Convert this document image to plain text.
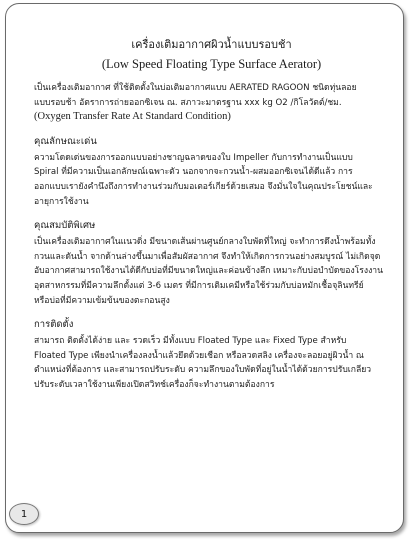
เครื่องเติมอากาศผิวน้ำแบบรอบช้า

(Low Speed Floating Type Surface Aerator)

เป็นเครื่องเติมอากาศ ที่ใช้ติดตั้งในบ่อเติมอากาศแบบ AERATED RAGOON ชนิดทุ่นลอย

แบบรอบช้า อัตราการถ่ายออกซิเจน ณ. สภาวะมาตรฐาน xxx kg O2 /กิโลวัตต์/ชม.

(Oxygen Transfer Rate At Standard Condition)

คุณลักษณะเด่น

ความโดดเด่นของการออกแบบอย่างชาญฉลาดของใบ Impeller กับการทำงานเป็นแบบ

Spiral ที่มีความเป็นเอกลักษณ์เฉพาะตัว นอกจากจะกวนน้ำ-ผสมออกซิเจนได้ดีแล้ว การ

ออกแบบเรายังคำนึงถึงการทำงานร่วมกับมอเตอร์เกียร์ด้วยเสมอ จึงมั่นใจในคุณประโยชน์และ

อายุการใช้งาน

คุณสมบัติพิเศษ

เป็นเครื่องเติมอากาศในแนวดิ่ง มีขนาดเส้นผ่านศูนย์กลางใบพัดที่ใหญ่ จะทำการดึงน้ำพร้อมทั้ง

กวนและดันน้ำ จากด้านล่างขึ้นมาเพื่อสัมผัสอากาศ จึงทำให้เกิดการกวนอย่างสมบูรณ์ ไม่เกิดจุด

อับอากาศสามารถใช้งานได้ดีกับบ่อที่มีขนาดใหญ่และค่อนข้างลึก เหมาะกับบ่อบำบัดของโรงงาน

อุตสาหกรรมที่มีความลึกตั้งแต่ 3-6 เมตร ที่มีการเติมเคมีหรือใช้ร่วมกับบ่อหมักเชื้อจุลินทรีย์

หรือบ่อที่มีความเข้มข้นของตะกอนสูง

การติดตั้ง

สามารถ ติดตั้งได้ง่าย และ รวดเร็ว มีทั้งแบบ Floated Type และ Fixed Type สำหรับ

Floated Type เพียงนำเครื่องลงน้ำแล้วยึดด้วยเชือก หรือลวดสลิง เครื่องจะลอยอยู่ผิวน้ำ ณ

ตำแหน่งที่ต้องการ และสามารถปรับระดับ ความลึกของใบพัดที่อยู่ในน้ำได้ด้วยการปรับเกลียว

ปรับระดับเวลาใช้งานเพียงเปิดสวิทช์เครื่องก็จะทำงานตามต้องการ

1
